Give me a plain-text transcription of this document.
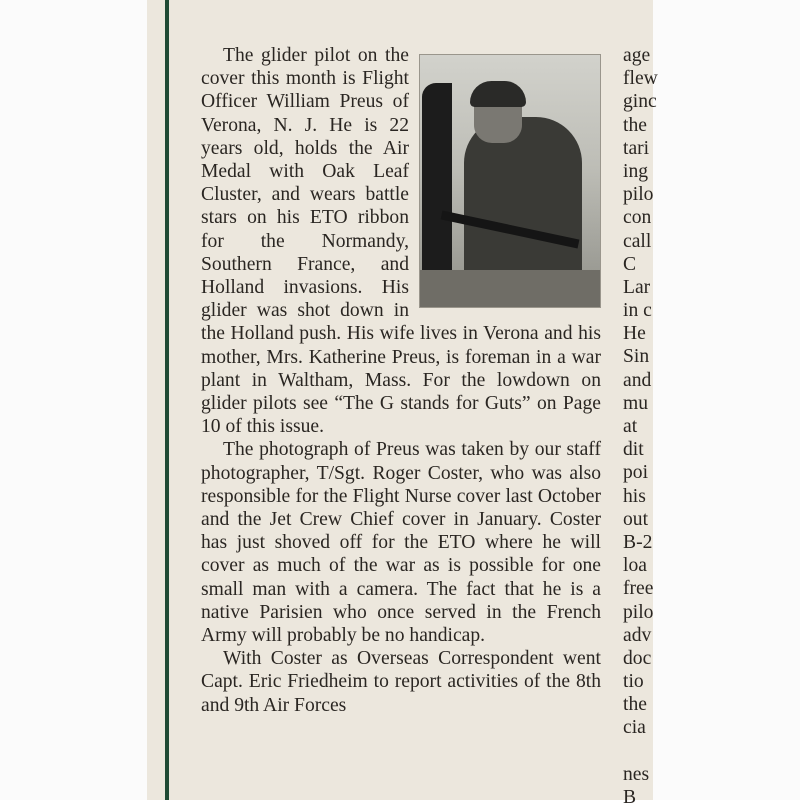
The glider pilot on the cover this month is Flight Officer William Preus of Verona, N. J. He is 22 years old, holds the Air Medal with Oak Leaf Cluster, and wears battle stars on his ETO ribbon for the Normandy, Southern France, and Holland invasions. His glider was shot down in the Holland push. His wife lives in Verona and his mother, Mrs. Katherine Preus, is foreman in a war plant in Waltham, Mass. For the lowdown on glider pilots see “The G stands for Guts” on Page 10 of this issue.

The photograph of Preus was taken by our staff photographer, T/Sgt. Roger Coster, who was also responsible for the Flight Nurse cover last October and the Jet Crew Chief cover in January. Coster has just shoved off for the ETO where he will cover as much of the war as is possible for one small man with a camera. The fact that he is a native Parisien who once served in the French Army will probably be no handicap.

With Coster as Overseas Correspondent went Capt. Eric Friedheim to report activities of the 8th and 9th Air Forces

age
flew
ginc
the
tari
ing
pilo
con
call
C
Lar
in c
He
Sin
and
mu
at
dit
poi
his
out
B-2
loa
free
pilo
adv
doc
tio
the
cia
nes
B
